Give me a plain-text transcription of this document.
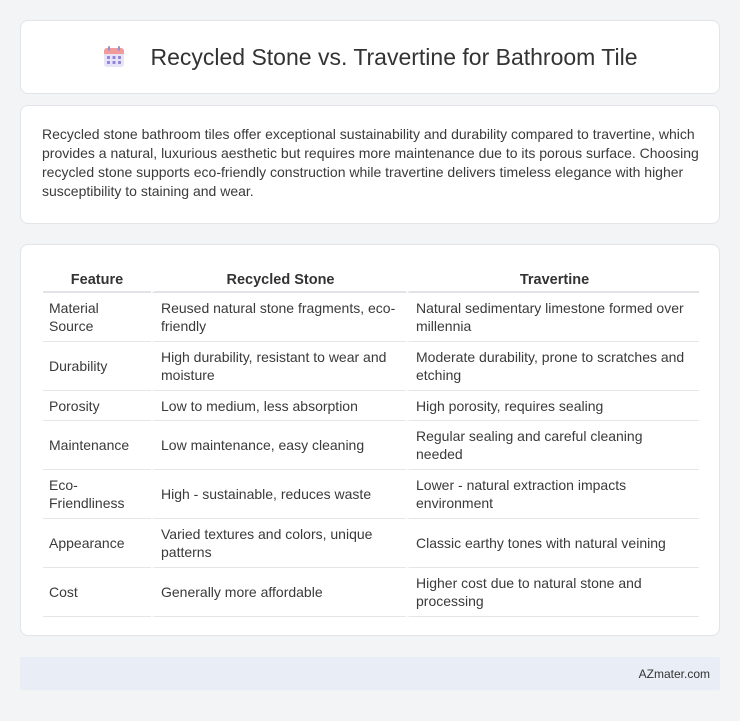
Recycled Stone vs. Travertine for Bathroom Tile

Recycled stone bathroom tiles offer exceptional sustainability and durability compared to travertine, which provides a natural, luxurious aesthetic but requires more maintenance due to its porous surface. Choosing recycled stone supports eco-friendly construction while travertine delivers timeless elegance with higher susceptibility to staining and wear.

Feature	Recycled Stone	Travertine
Material Source	Reused natural stone fragments, eco-friendly	Natural sedimentary limestone formed over millennia
Durability	High durability, resistant to wear and moisture	Moderate durability, prone to scratches and etching
Porosity	Low to medium, less absorption	High porosity, requires sealing
Maintenance	Low maintenance, easy cleaning	Regular sealing and careful cleaning needed
Eco-Friendliness	High - sustainable, reduces waste	Lower - natural extraction impacts environment
Appearance	Varied textures and colors, unique patterns	Classic earthy tones with natural veining
Cost	Generally more affordable	Higher cost due to natural stone and processing
AZmater.com
